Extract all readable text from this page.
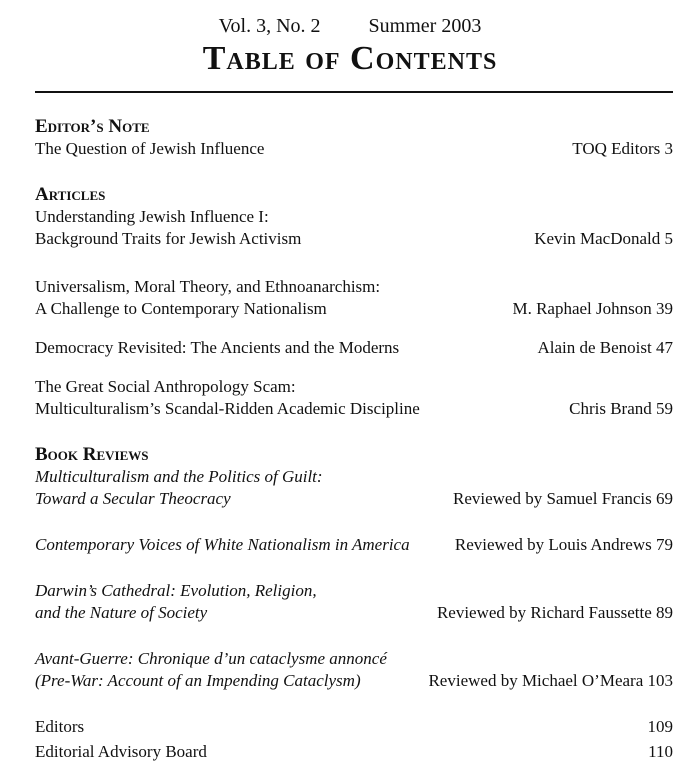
Vol. 3, No. 2 Summer 2003
Table of Contents
Editor’s Note
The Question of Jewish Influence	TOQ Editors 3
Articles
Understanding Jewish Influence I:
Background Traits for Jewish Activism	Kevin MacDonald 5
Universalism, Moral Theory, and Ethnoanarchism:
A Challenge to Contemporary Nationalism	M. Raphael Johnson 39
Democracy Revisited: The Ancients and the Moderns	Alain de Benoist 47
The Great Social Anthropology Scam:
Multiculturalism’s Scandal-Ridden Academic Discipline	Chris Brand 59
Book Reviews
Multiculturalism and the Politics of Guilt:
Toward a Secular Theocracy	Reviewed by Samuel Francis 69
Contemporary Voices of White Nationalism in America	Reviewed by Louis Andrews 79
Darwin’s Cathedral: Evolution, Religion,
and the Nature of Society	Reviewed by Richard Faussette 89
Avant-Guerre: Chronique d’un cataclysme annoncé
(Pre-War: Account of an Impending Cataclysm)	Reviewed by Michael O’Meara 103
Editors	109
Editorial Advisory Board	110
